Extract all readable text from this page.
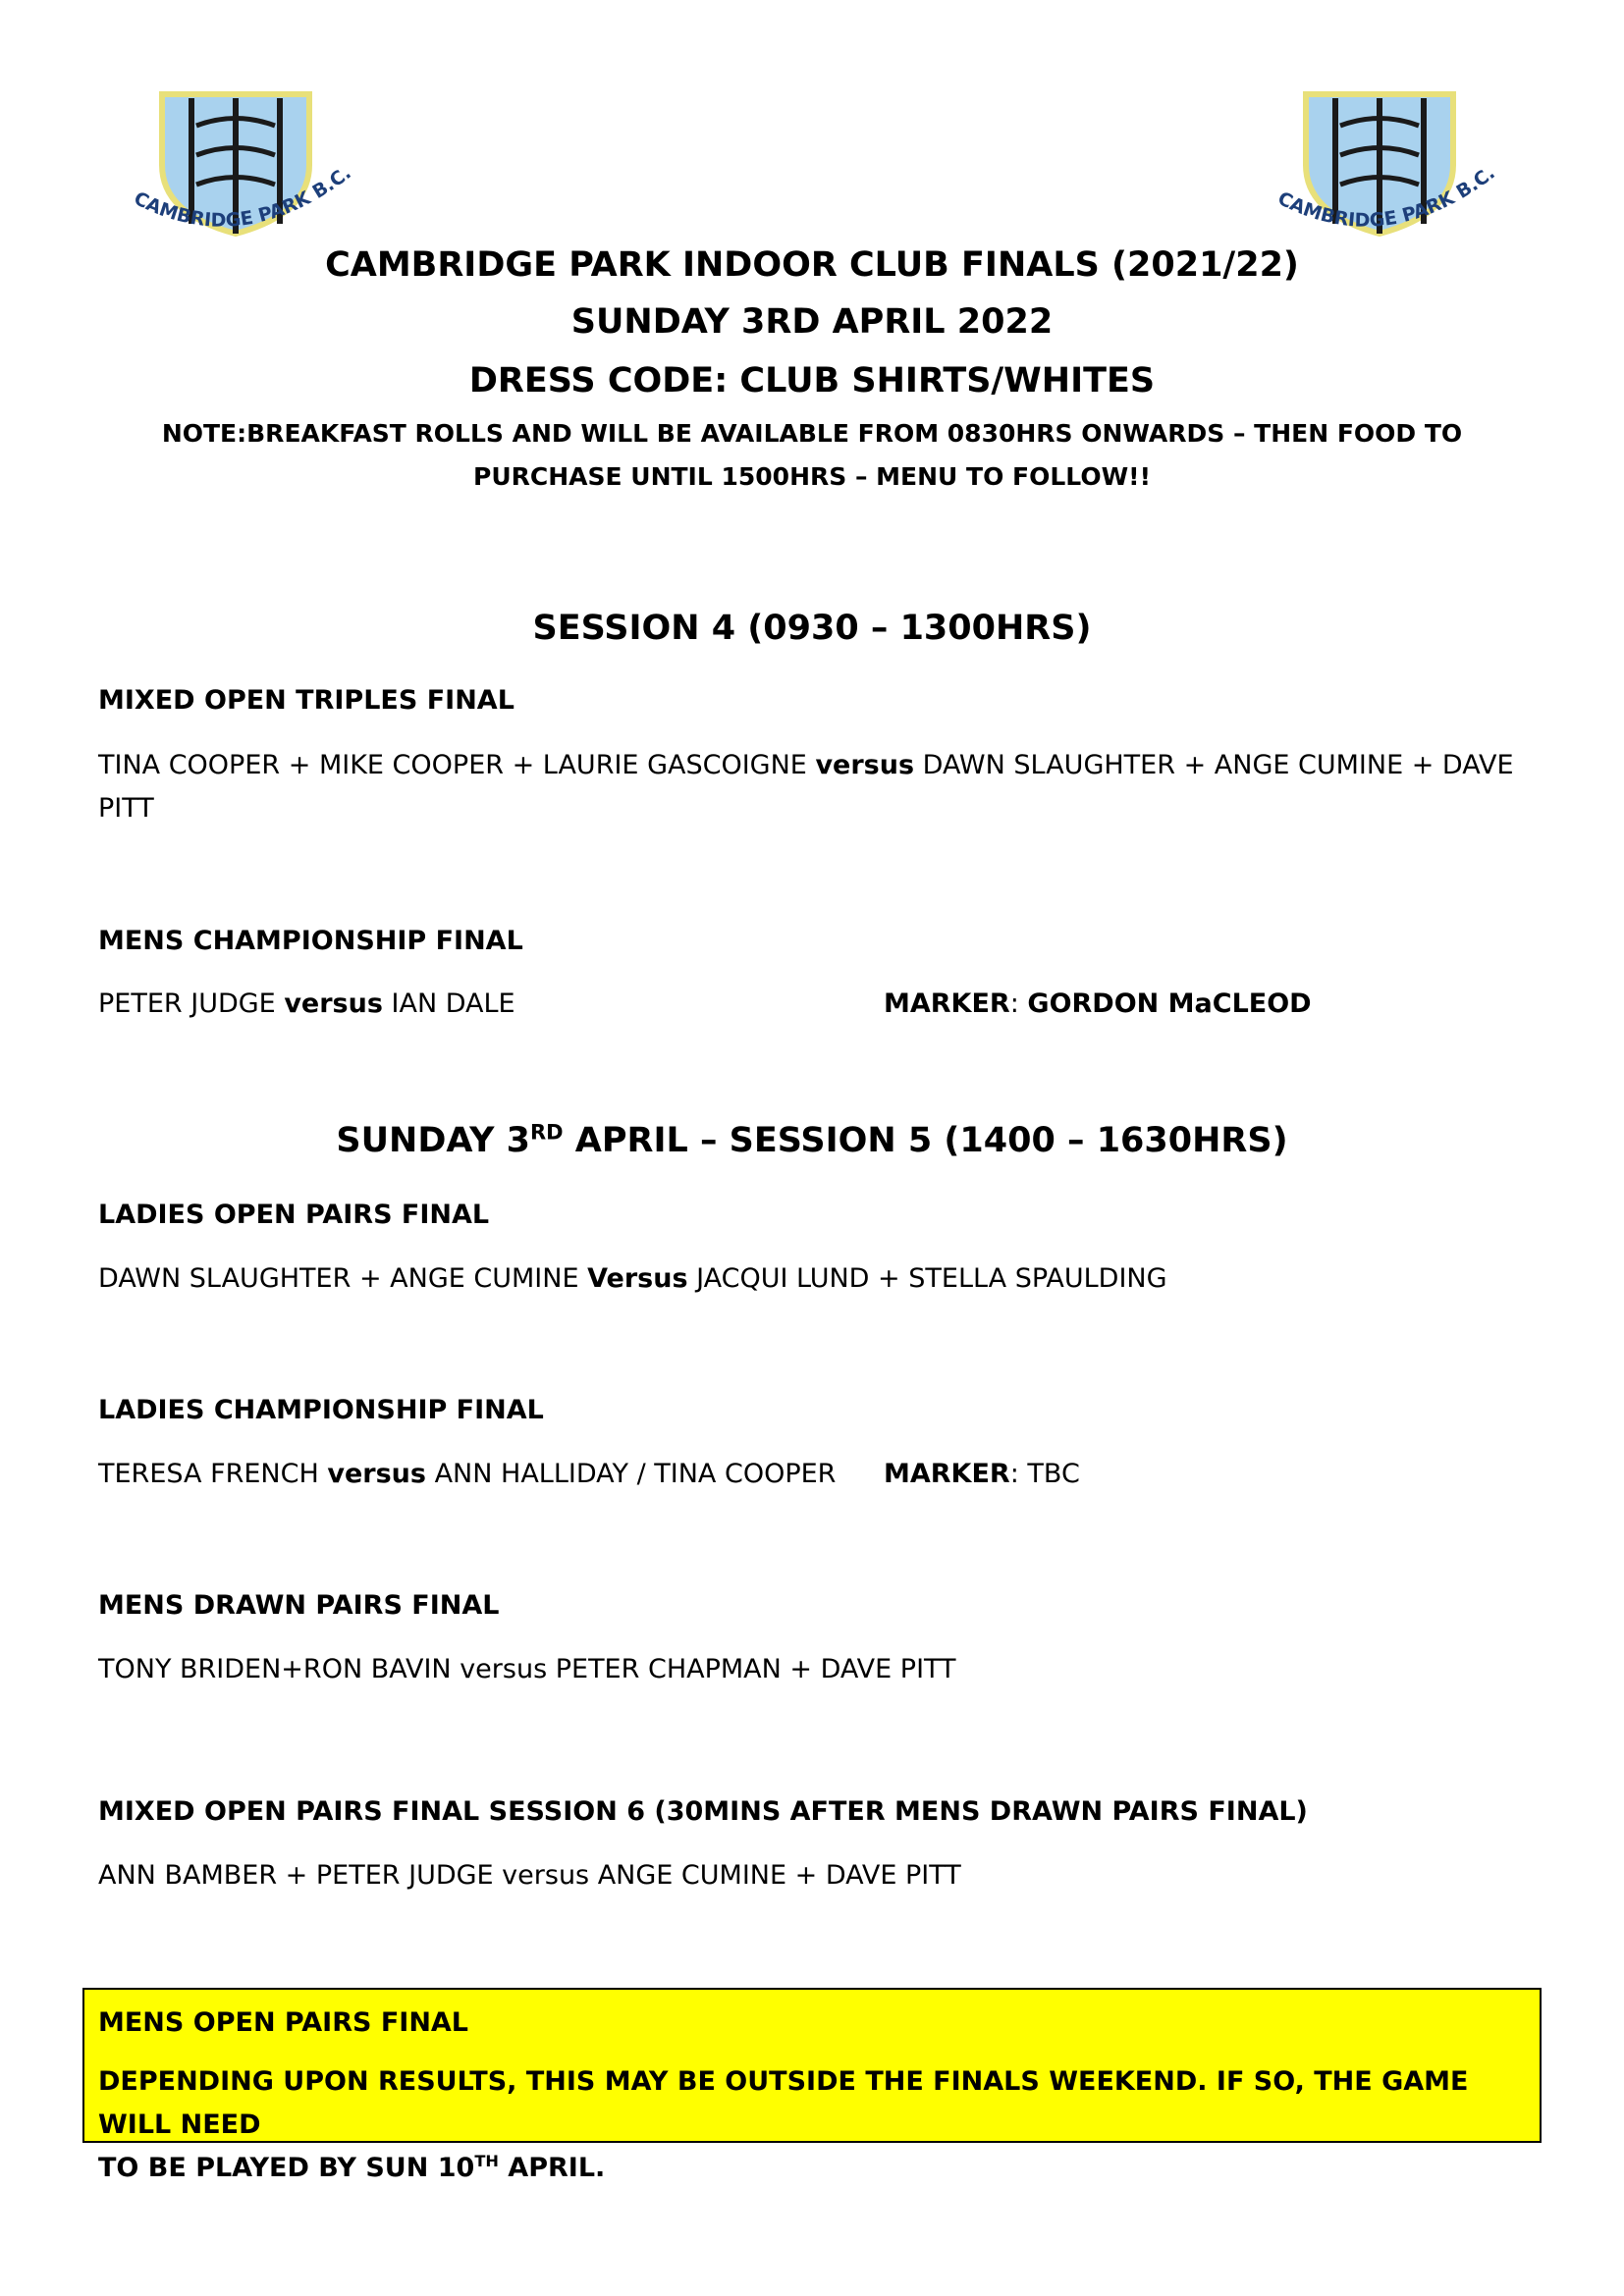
CAMBRIDGE PARK B.C.
CAMBRIDGE PARK B.C.
CAMBRIDGE PARK INDOOR CLUB FINALS (2021/22)
SUNDAY 3RD APRIL 2022
DRESS CODE: CLUB SHIRTS/WHITES
NOTE:BREAKFAST ROLLS AND WILL BE AVAILABLE FROM 0830HRS ONWARDS – THEN FOOD TO
PURCHASE UNTIL 1500HRS – MENU TO FOLLOW!!
SESSION 4 (0930 – 1300HRS)
MIXED OPEN TRIPLES FINAL
TINA COOPER + MIKE COOPER + LAURIE GASCOIGNE versus DAWN SLAUGHTER + ANGE CUMINE + DAVE
PITT
MENS CHAMPIONSHIP FINAL
PETER JUDGE versus IAN DALE	MARKER: GORDON MaCLEOD
SUNDAY 3RD APRIL – SESSION 5 (1400 – 1630HRS)
LADIES OPEN PAIRS FINAL
DAWN SLAUGHTER + ANGE CUMINE Versus JACQUI LUND + STELLA SPAULDING
LADIES CHAMPIONSHIP FINAL
TERESA FRENCH versus ANN HALLIDAY / TINA COOPER	MARKER: TBC
MENS DRAWN PAIRS FINAL
TONY BRIDEN+RON BAVIN versus PETER CHAPMAN + DAVE PITT
MIXED OPEN PAIRS FINAL SESSION 6 (30MINS AFTER MENS DRAWN PAIRS FINAL)
ANN BAMBER + PETER JUDGE versus ANGE CUMINE + DAVE PITT
MENS OPEN PAIRS FINAL
DEPENDING UPON RESULTS, THIS MAY BE OUTSIDE THE FINALS WEEKEND. IF SO, THE GAME WILL NEED
TO BE PLAYED BY SUN 10TH APRIL.
